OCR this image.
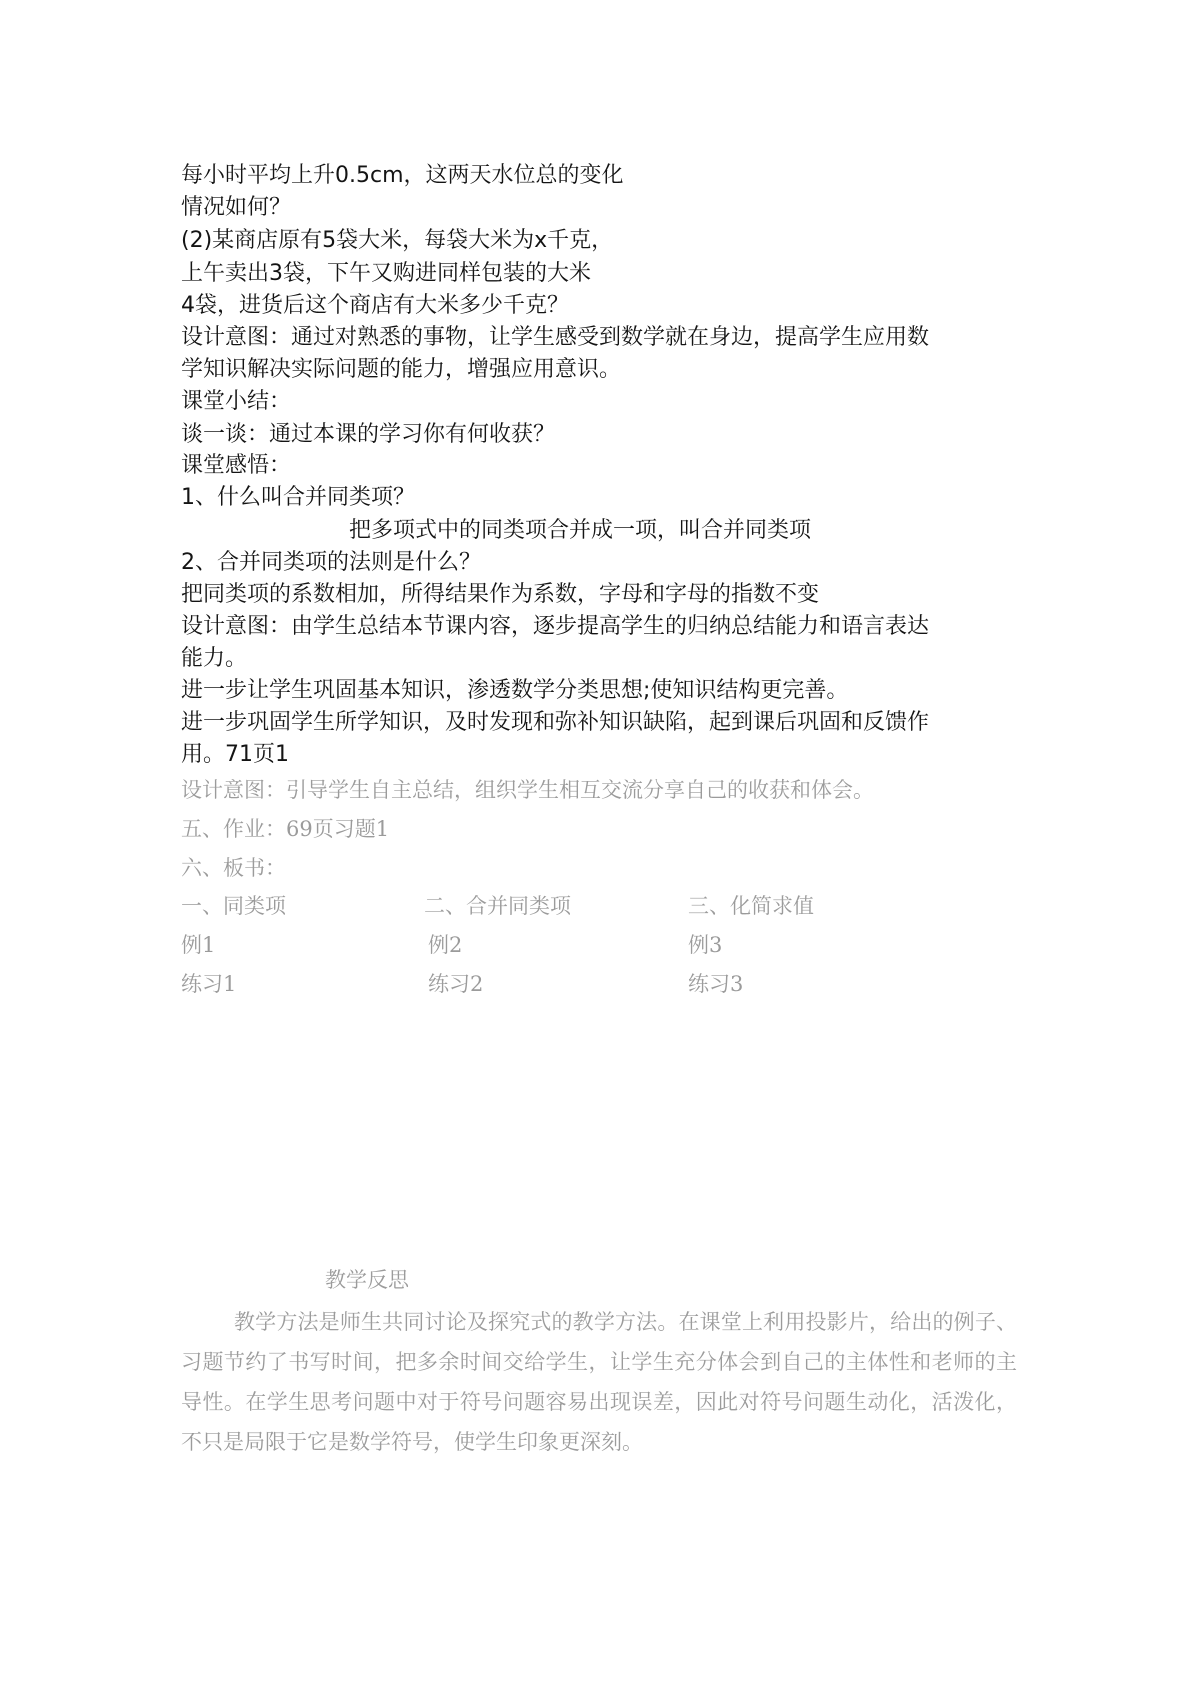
每小时平均上升0.5cm，这两天水位总的变化
情况如何？
(2)某商店原有5袋大米，每袋大米为x千克，
上午卖出3袋，下午又购进同样包装的大米
4袋，进货后这个商店有大米多少千克？
设计意图：通过对熟悉的事物，让学生感受到数学就在身边，提高学生应用数
学知识解决实际问题的能力，增强应用意识。
课堂小结：
谈一谈：通过本课的学习你有何收获？
课堂感悟：
1、什么叫合并同类项？
把多项式中的同类项合并成一项，叫合并同类项
2、合并同类项的法则是什么？
把同类项的系数相加，所得结果作为系数，字母和字母的指数不变
设计意图：由学生总结本节课内容，逐步提高学生的归纳总结能力和语言表达
能力。
进一步让学生巩固基本知识，渗透数学分类思想;使知识结构更完善。
进一步巩固学生所学知识，及时发现和弥补知识缺陷，起到课后巩固和反馈作
用。71页1
设计意图：引导学生自主总结，组织学生相互交流分享自己的收获和体会。
五、作业：69页习题1
六、板书：
一、同类项
例1
练习1
二、合并同类项
例2
练习2
三、化简求值
例3
练习3
教学反思

教学方法是师生共同讨论及探究式的教学方法。在课堂上利用投影片，给出的例子、习题节约了书写时间，把多余时间交给学生，让学生充分体会到自己的主体性和老师的主导性。在学生思考问题中对于符号问题容易出现误差，因此对符号问题生动化，活泼化，不只是局限于它是数学符号，使学生印象更深刻。
